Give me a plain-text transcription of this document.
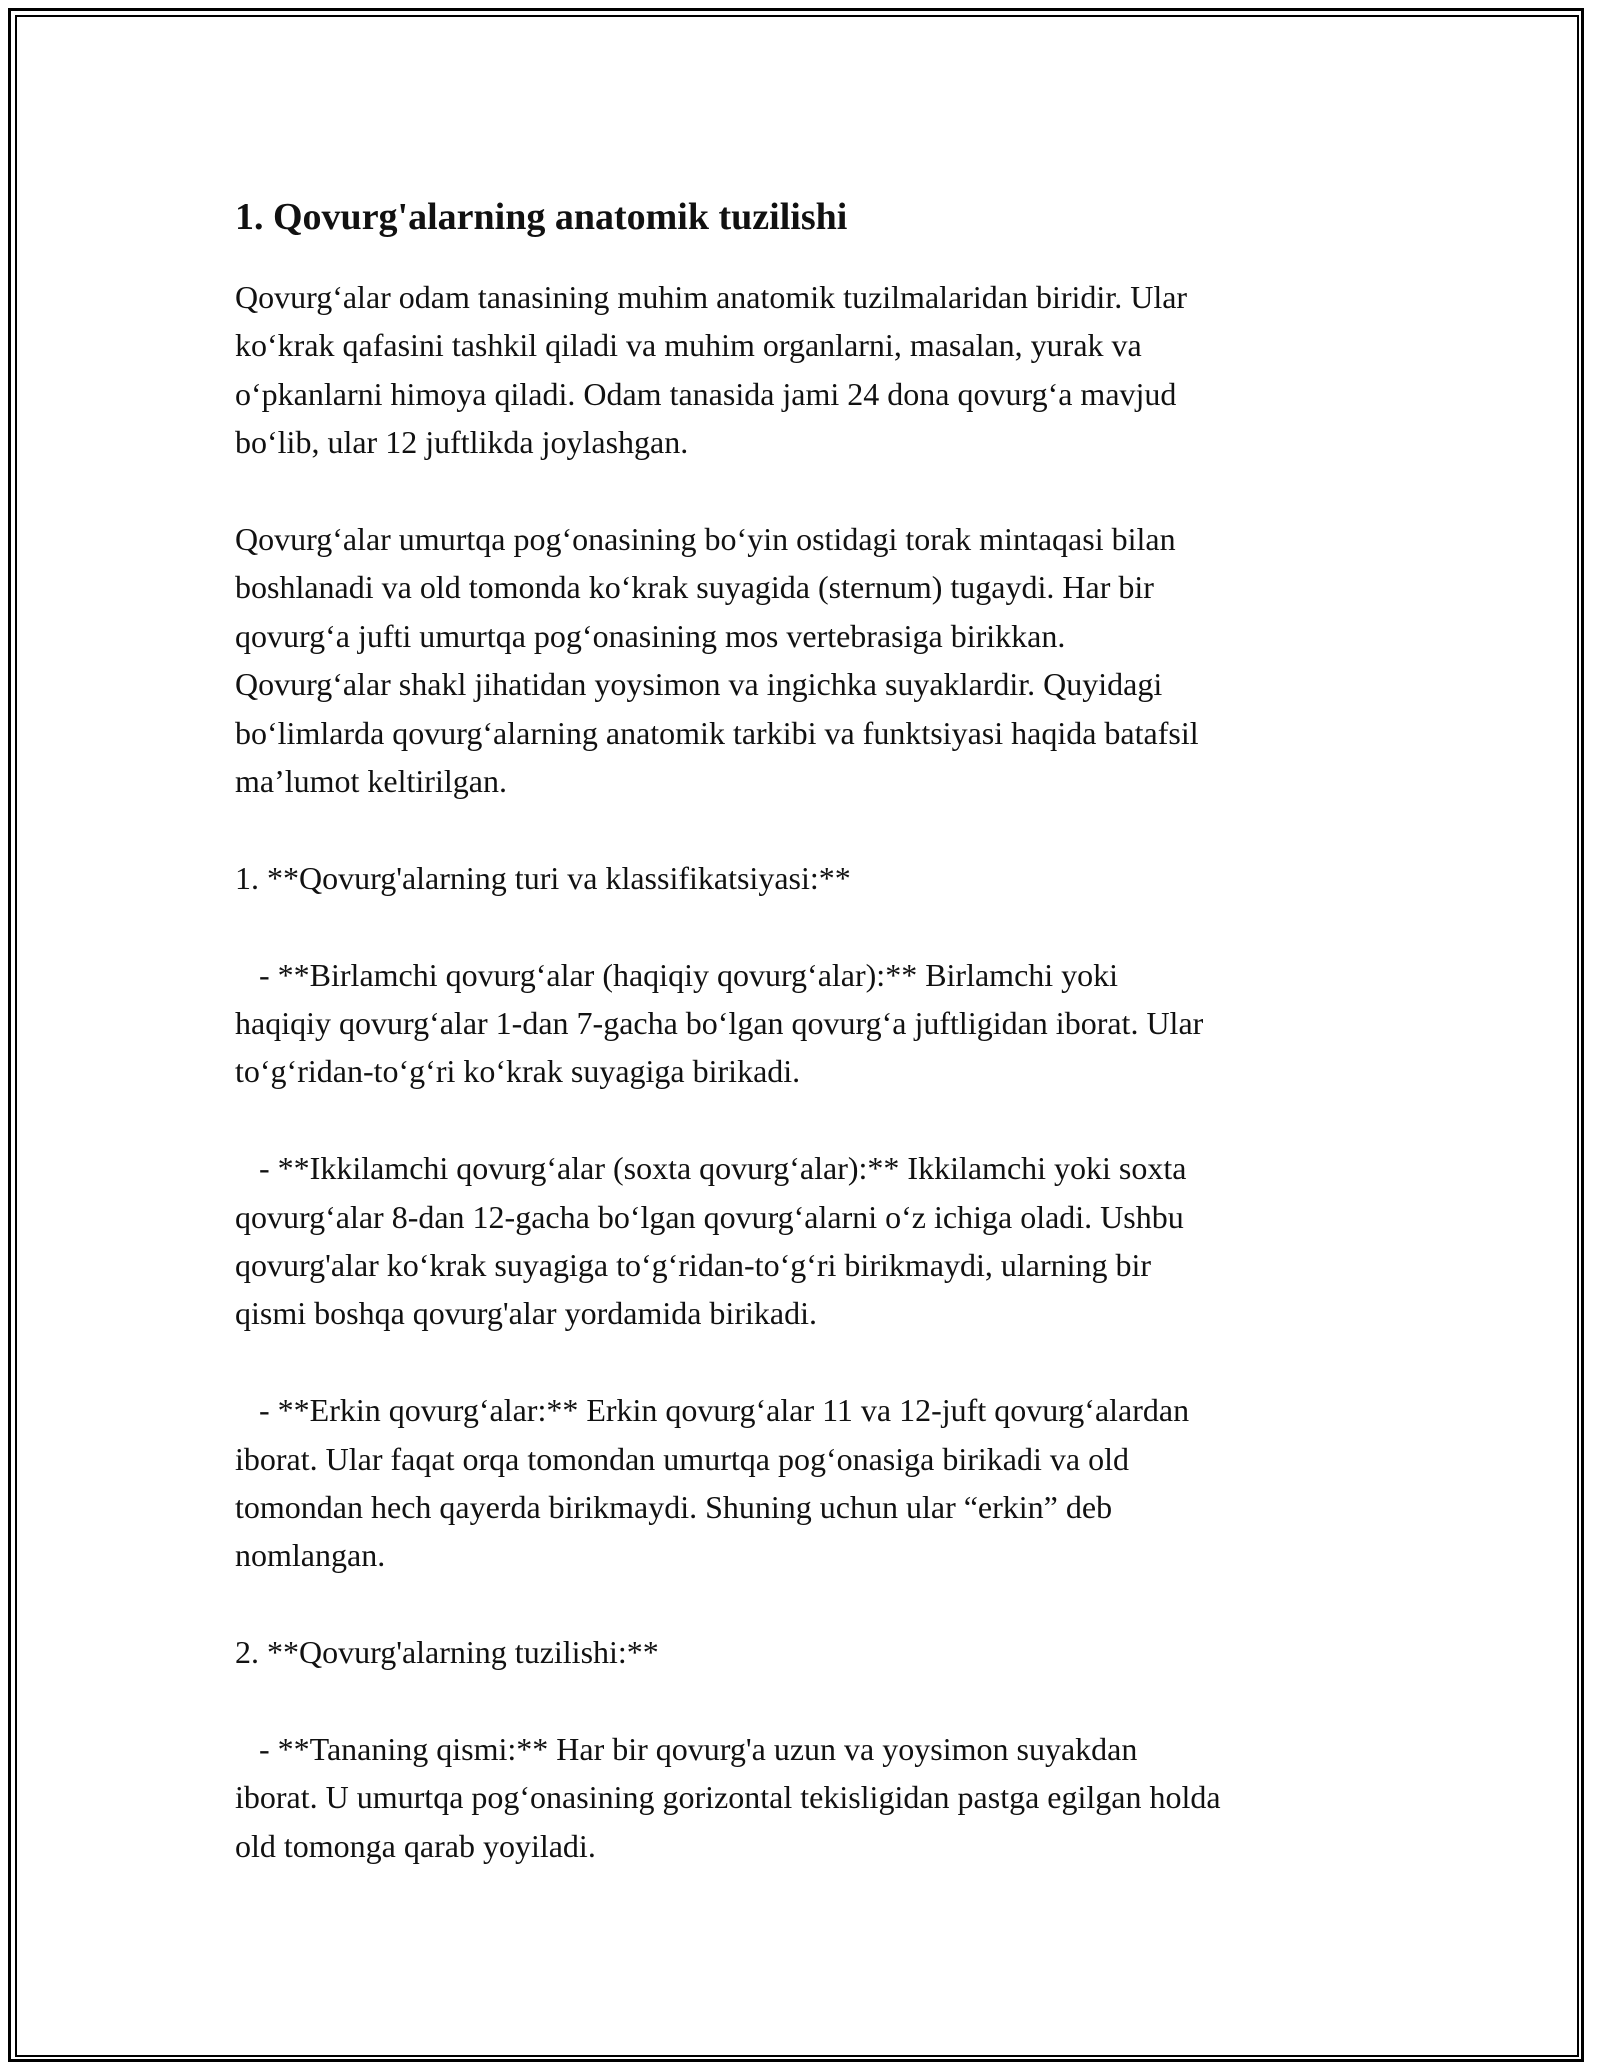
1. Qovurg'alarning anatomik tuzilishi

Qovurg‘alar odam tanasining muhim anatomik tuzilmalaridan biridir. Ular
ko‘krak qafasini tashkil qiladi va muhim organlarni, masalan, yurak va
o‘pkanlarni himoya qiladi. Odam tanasida jami 24 dona qovurg‘a mavjud
bo‘lib, ular 12 juftlikda joylashgan.

Qovurg‘alar umurtqa pog‘onasining bo‘yin ostidagi torak mintaqasi bilan
boshlanadi va old tomonda ko‘krak suyagida (sternum) tugaydi. Har bir
qovurg‘a jufti umurtqa pog‘onasining mos vertebrasiga birikkan.
Qovurg‘alar shakl jihatidan yoysimon va ingichka suyaklardir. Quyidagi
bo‘limlarda qovurg‘alarning anatomik tarkibi va funktsiyasi haqida batafsil
ma’lumot keltirilgan.

1. **Qovurg'alarning turi va klassifikatsiyasi:**

- **Birlamchi qovurg‘alar (haqiqiy qovurg‘alar):** Birlamchi yoki
haqiqiy qovurg‘alar 1-dan 7-gacha bo‘lgan qovurg‘a juftligidan iborat. Ular
to‘g‘ridan-to‘g‘ri ko‘krak suyagiga birikadi.

- **Ikkilamchi qovurg‘alar (soxta qovurg‘alar):** Ikkilamchi yoki soxta
qovurg‘alar 8-dan 12-gacha bo‘lgan qovurg‘alarni o‘z ichiga oladi. Ushbu
qovurg'alar ko‘krak suyagiga to‘g‘ridan-to‘g‘ri birikmaydi, ularning bir
qismi boshqa qovurg'alar yordamida birikadi.

- **Erkin qovurg‘alar:** Erkin qovurg‘alar 11 va 12-juft qovurg‘alardan
iborat. Ular faqat orqa tomondan umurtqa pog‘onasiga birikadi va old
tomondan hech qayerda birikmaydi. Shuning uchun ular “erkin” deb
nomlangan.

2. **Qovurg'alarning tuzilishi:**

- **Tananing qismi:** Har bir qovurg'a uzun va yoysimon suyakdan
iborat. U umurtqa pog‘onasining gorizontal tekisligidan pastga egilgan holda
old tomonga qarab yoyiladi.
